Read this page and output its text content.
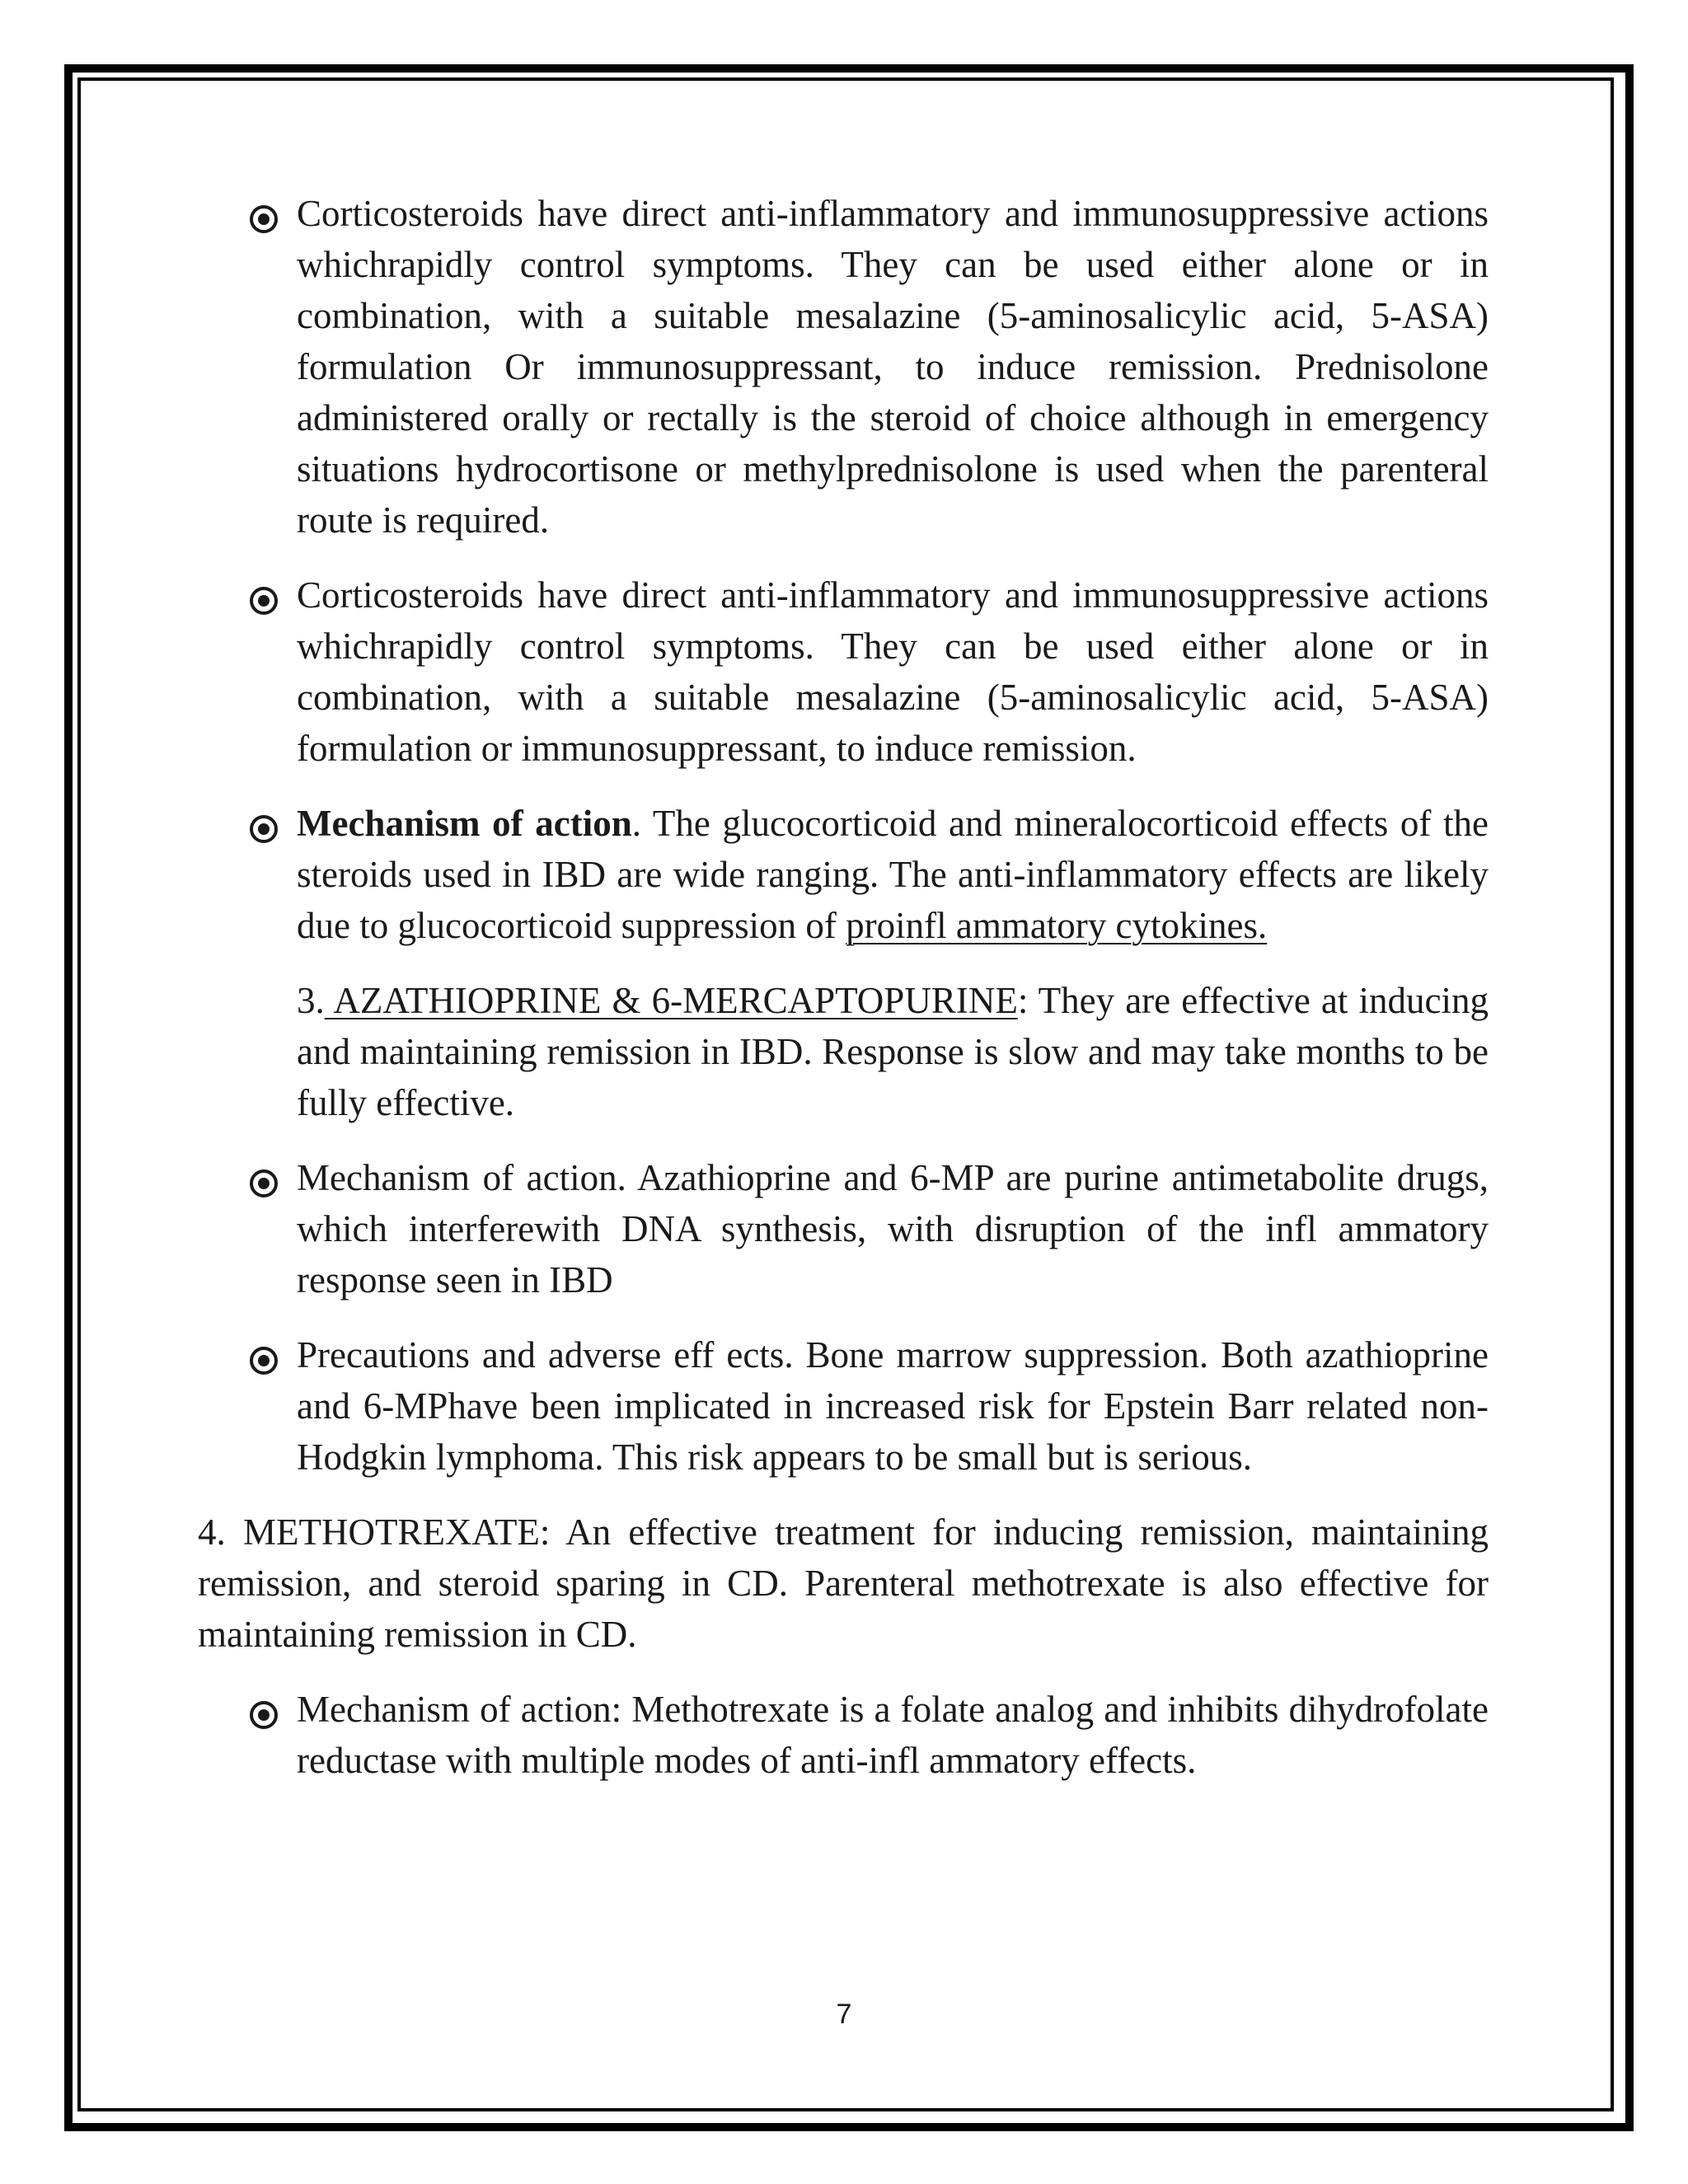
Corticosteroids have direct anti-inflammatory and immunosuppressive actions whichrapidly control symptoms. They can be used either alone or in combination, with a suitable mesalazine (5-aminosalicylic acid, 5-ASA) formulation Or immunosuppressant, to induce remission. Prednisolone administered orally or rectally is the steroid of choice although in emergency situations hydrocortisone or methylprednisolone is used when the parenteral route is required.
Corticosteroids have direct anti-inflammatory and immunosuppressive actions whichrapidly control symptoms. They can be used either alone or in combination, with a suitable mesalazine (5-aminosalicylic acid, 5-ASA) formulation or immunosuppressant, to induce remission.
Mechanism of action. The glucocorticoid and mineralocorticoid effects of the steroids used in IBD are wide ranging. The anti-inflammatory effects are likely due to glucocorticoid suppression of proinfl ammatory cytokines.
3. AZATHIOPRINE & 6-MERCAPTOPURINE: They are effective at inducing and maintaining remission in IBD. Response is slow and may take months to be fully effective.
Mechanism of action. Azathioprine and 6-MP are purine antimetabolite drugs, which interferewith DNA synthesis, with disruption of the infl ammatory response seen in IBD
Precautions and adverse eff ects. Bone marrow suppression. Both azathioprine and 6-MPhave been implicated in increased risk for Epstein Barr related non-Hodgkin lymphoma. This risk appears to be small but is serious.
4. METHOTREXATE: An effective treatment for inducing remission, maintaining remission, and steroid sparing in CD. Parenteral methotrexate is also effective for maintaining remission in CD.
Mechanism of action: Methotrexate is a folate analog and inhibits dihydrofolate reductase with multiple modes of anti-infl ammatory effects.
7
